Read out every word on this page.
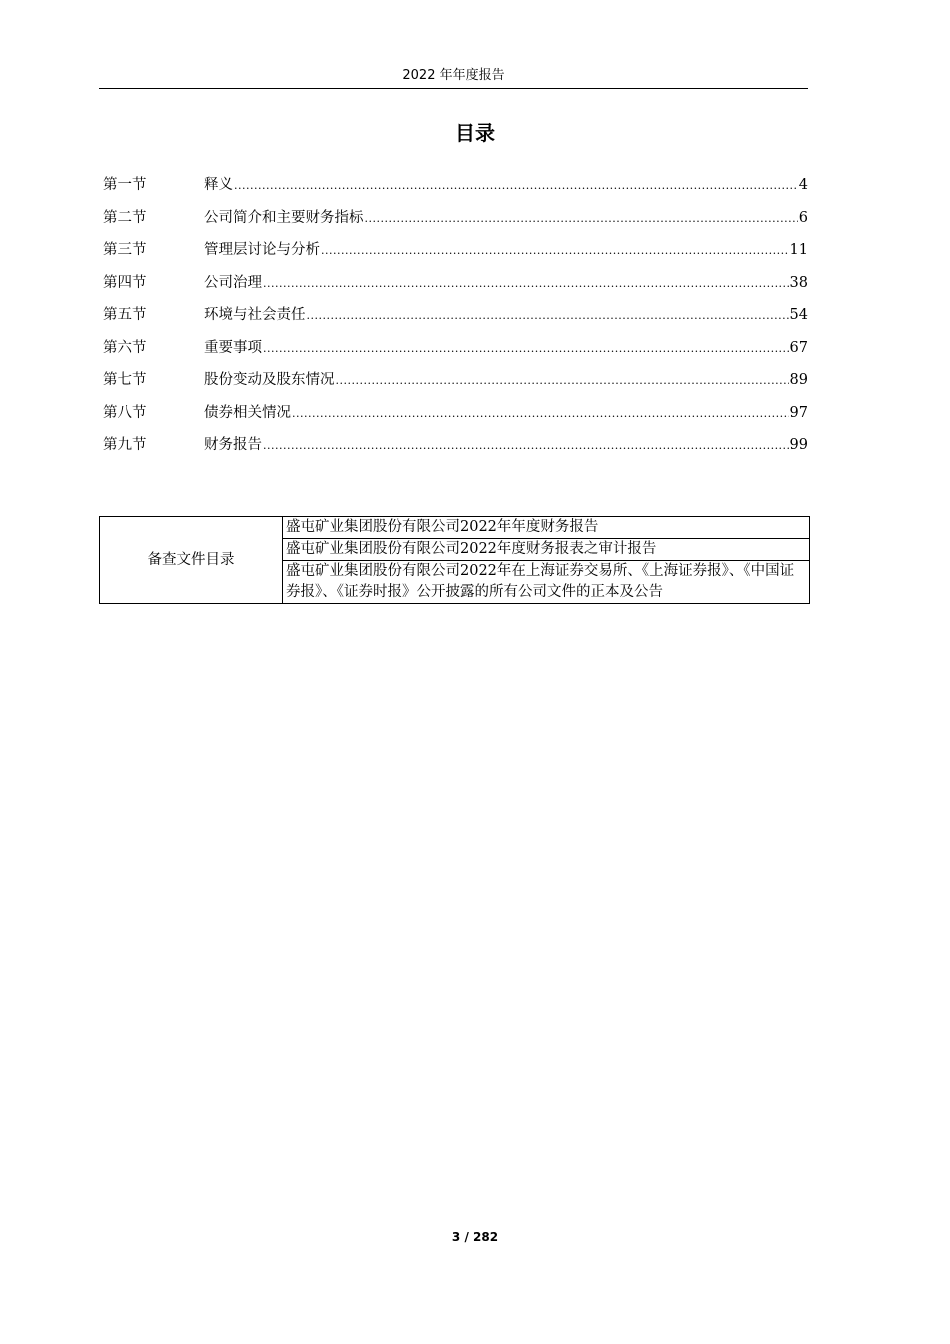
2022 年年度报告
目录
第一节	释义 .....	4
第二节	公司简介和主要财务指标 .....	6
第三节	管理层讨论与分析 .....	11
第四节	公司治理 .....	38
第五节	环境与社会责任 .....	54
第六节	重要事项 .....	67
第七节	股份变动及股东情况 .....	89
第八节	债券相关情况 .....	97
第九节	财务报告 .....	99
备查文件目录	盛屯矿业集团股份有限公司2022年年度财务报告
盛屯矿业集团股份有限公司2022年度财务报表之审计报告
盛屯矿业集团股份有限公司2022年在上海证券交易所、《上海证券报》、《中国证券报》、《证券时报》公开披露的所有公司文件的正本及公告
3 / 282
